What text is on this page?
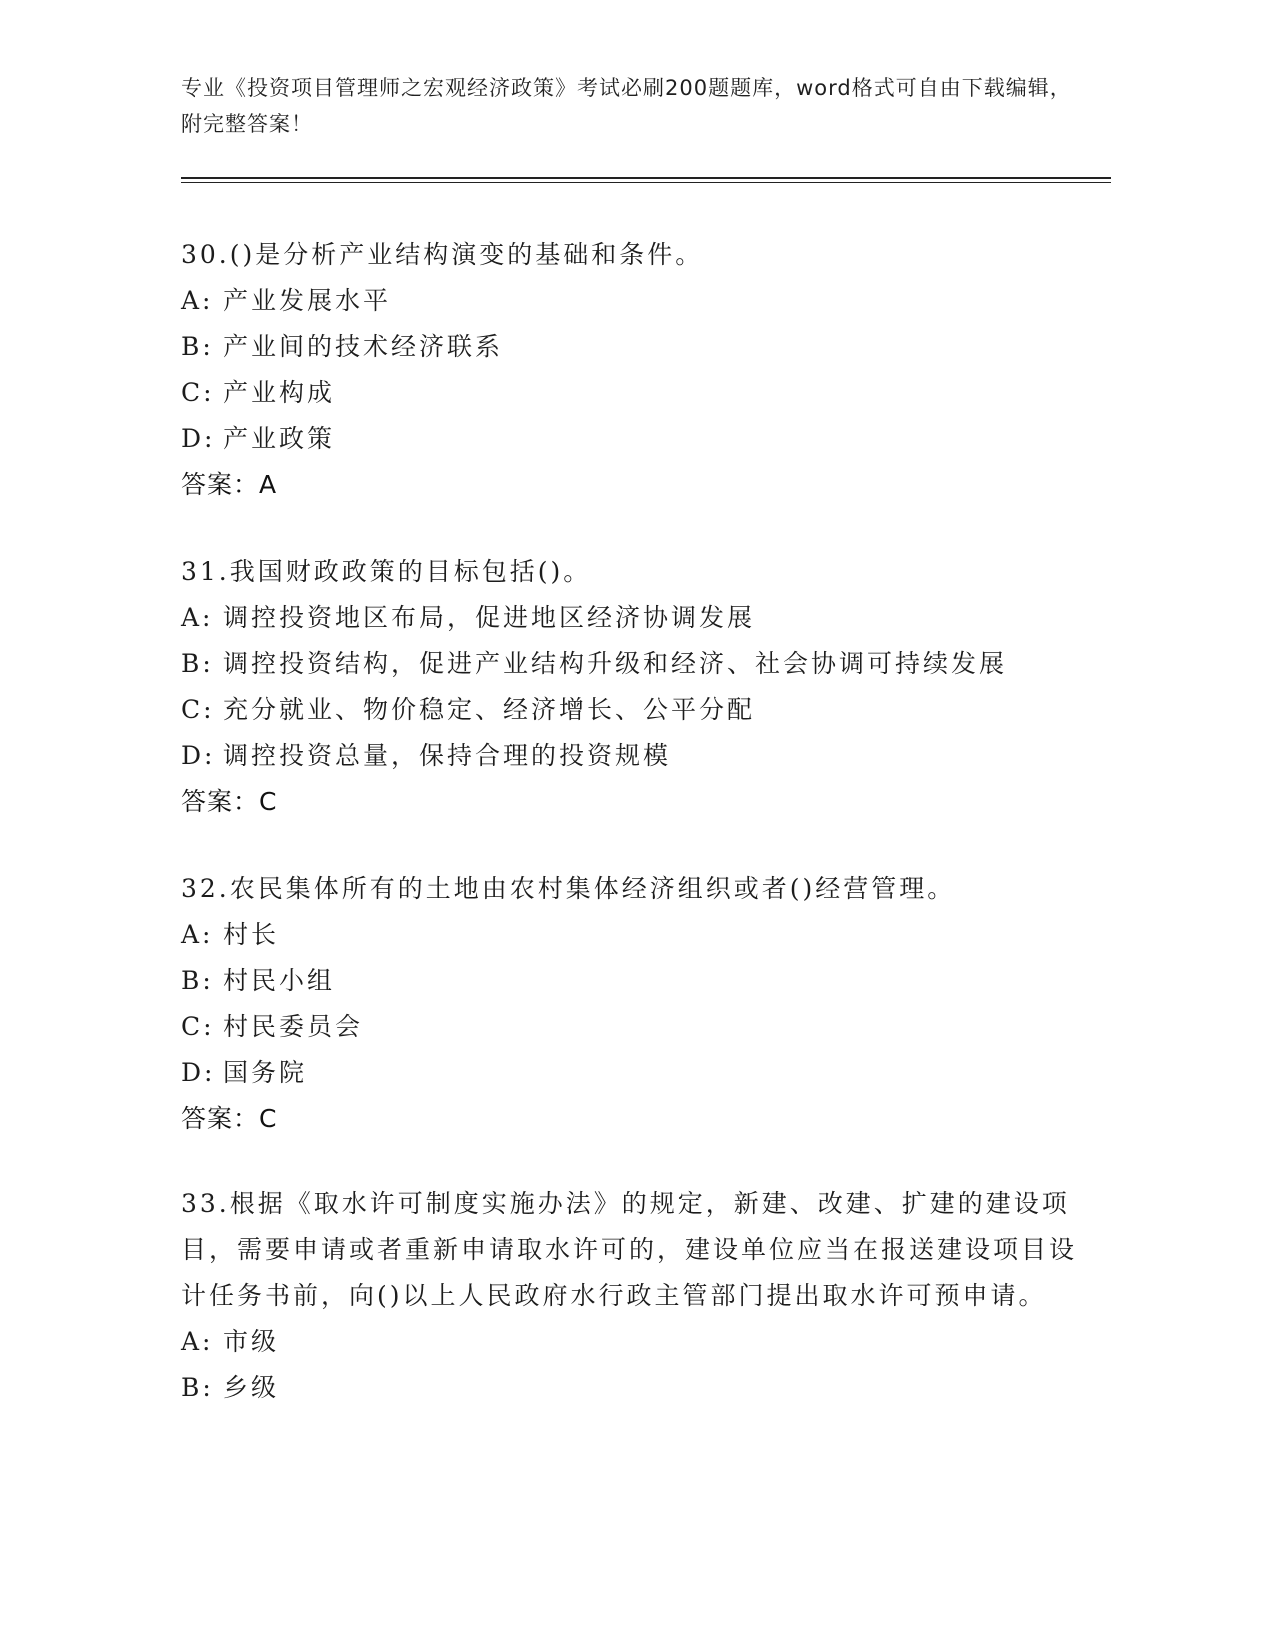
专业《投资项目管理师之宏观经济政策》考试必刷200题题库，word格式可自由下载编辑，附完整答案！
30.()是分析产业结构演变的基础和条件。
A: 产业发展水平
B: 产业间的技术经济联系
C: 产业构成
D: 产业政策
答案：A
31.我国财政政策的目标包括()。
A: 调控投资地区布局，促进地区经济协调发展
B: 调控投资结构，促进产业结构升级和经济、社会协调可持续发展
C: 充分就业、物价稳定、经济增长、公平分配
D: 调控投资总量，保持合理的投资规模
答案：C
32.农民集体所有的土地由农村集体经济组织或者()经营管理。
A: 村长
B: 村民小组
C: 村民委员会
D: 国务院
答案：C
33.根据《取水许可制度实施办法》的规定，新建、改建、扩建的建设项目，需要申请或者重新申请取水许可的，建设单位应当在报送建设项目设计任务书前，向()以上人民政府水行政主管部门提出取水许可预申请。
A: 市级
B: 乡级
